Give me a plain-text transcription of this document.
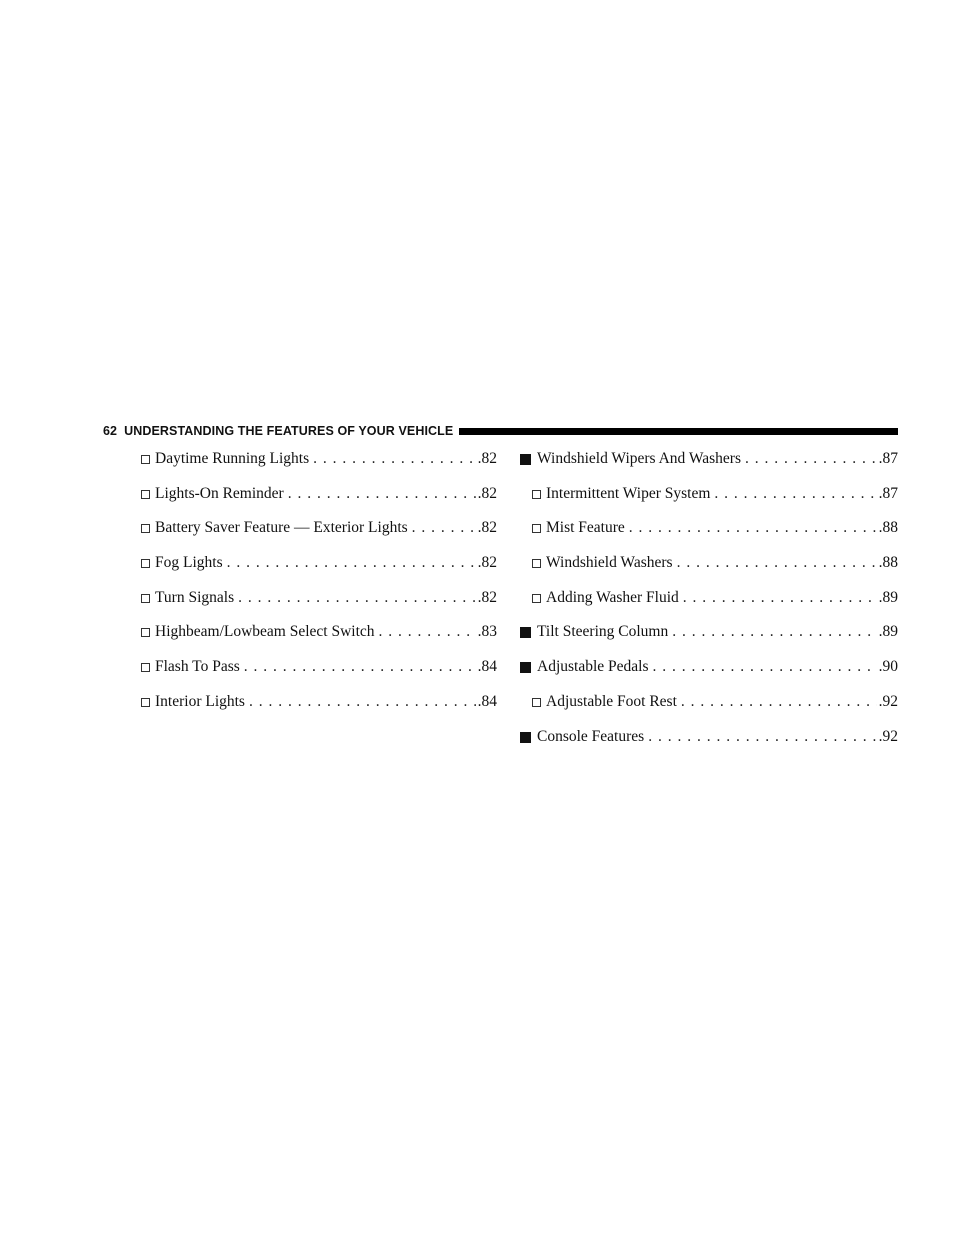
62 UNDERSTANDING THE FEATURES OF YOUR VEHICLE
Daytime Running Lights . . .	.82
Lights-On Reminder . . .	.82
Battery Saver Feature — Exterior Lights . . .	.82
Fog Lights . . .	.82
Turn Signals . . .	.82
Highbeam/Lowbeam Select Switch . . .	.83
Flash To Pass . . .	.84
Interior Lights . . .	.84
Windshield Wipers And Washers . . .	.87
Intermittent Wiper System . . .	.87
Mist Feature . . .	.88
Windshield Washers . . .	.88
Adding Washer Fluid . . .	.89
Tilt Steering Column . . .	.89
Adjustable Pedals . . .	.90
Adjustable Foot Rest . . .	.92
Console Features . . .	.92
